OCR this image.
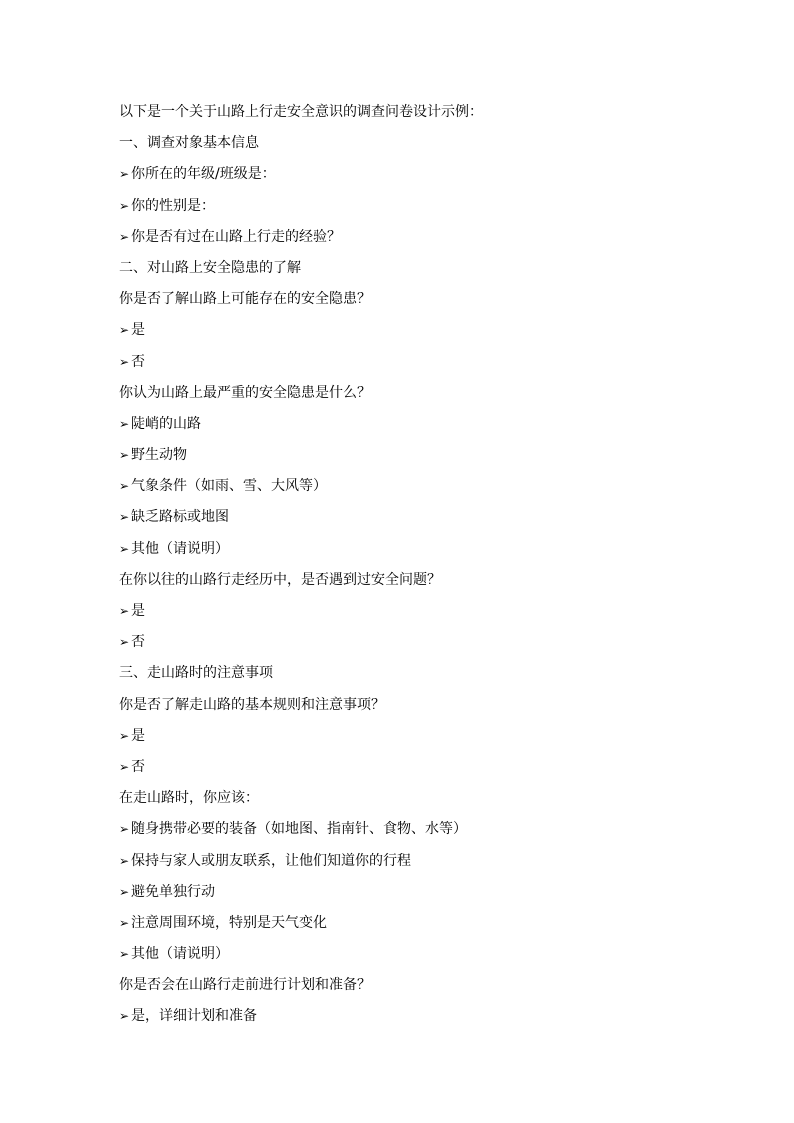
以下是一个关于山路上行走安全意识的调查问卷设计示例：
一、调查对象基本信息
➢ 你所在的年级/班级是：
➢ 你的性别是：
➢ 你是否有过在山路上行走的经验？
二、对山路上安全隐患的了解
你是否了解山路上可能存在的安全隐患？
➢ 是
➢ 否
你认为山路上最严重的安全隐患是什么？
➢ 陡峭的山路
➢ 野生动物
➢ 气象条件（如雨、雪、大风等）
➢ 缺乏路标或地图
➢ 其他（请说明）
在你以往的山路行走经历中，是否遇到过安全问题？
➢ 是
➢ 否
三、走山路时的注意事项
你是否了解走山路的基本规则和注意事项？
➢ 是
➢ 否
在走山路时，你应该：
➢ 随身携带必要的装备（如地图、指南针、食物、水等）
➢ 保持与家人或朋友联系，让他们知道你的行程
➢ 避免单独行动
➢ 注意周围环境，特别是天气变化
➢ 其他（请说明）
你是否会在山路行走前进行计划和准备？
➢ 是，详细计划和准备
